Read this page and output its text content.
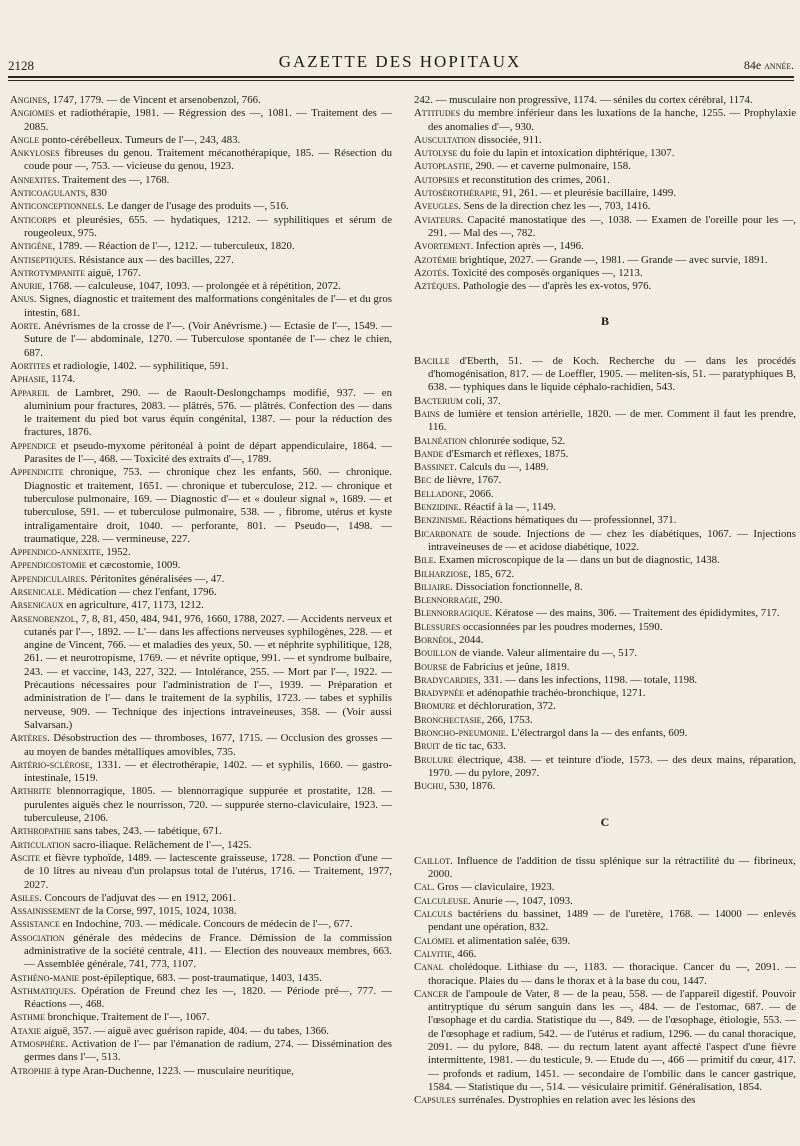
2128	GAZETTE DES HOPITAUX	84e année.

Angines, 1747, 1779. — de Vincent et arsenobenzol, 766.

Angiomes et radiothérapie, 1981. — Régression des —, 1081. — Traitement des — 2085.

Angle ponto-cérébelleux. Tumeurs de l'—, 243, 483.

Ankyloses fibreuses du genou. Traitement mécanothérapique, 185. — Résection du coude pour —, 753. — vicieuse du genou, 1923.

Annexites. Traitement des —, 1768.

Anticoagulants, 830

Anticonceptionnels. Le danger de l'usage des produits —, 516.

Anticorps et pleurésies, 655. — hydatiques, 1212. — syphilitiques et sérum de rougeoleux, 975.

Antigène, 1789. — Réaction de l'—, 1212. — tuberculeux, 1820.

Antiseptiques. Résistance aux — des bacilles, 227.

Antrotympanite aiguë, 1767.

Anurie, 1768. — calculeuse, 1047, 1093. — prolongée et à répétition, 2072.

Anus. Signes, diagnostic et traitement des malformations congénitales de l'— et du gros intestin, 681.

Aorte. Anévrismes de la crosse de l'—. (Voir Anévrisme.) — Ectasie de l'—, 1549. — Suture de l'— abdominale, 1270. — Tuberculose spontanée de l'— chez le chien, 687.

Aortites et radiologie, 1402. — syphilitique, 591.

Aphasie, 1174.

Appareil de Lambret, 290. — de Raoult-Deslongchamps modifié, 937. — en aluminium pour fractures, 2083. — plâtrés, 576. — plâtrés. Confection des — dans le traitement du pied bot varus équin congénital, 1387. — pour la réduction des fractures, 1876.

Appendice et pseudo-myxome péritonéal à point de départ appendiculaire, 1864. — Parasites de l'—, 468. — Toxicité des extraits d'—, 1789.

Appendicite chronique, 753. — chronique chez les enfants, 560. — chronique. Diagnostic et traitement, 1651. — chronique et tuberculose, 212. — chronique et tuberculose pulmonaire, 169. — Diagnostic d'— et « douleur signal », 1689. — et tuberculose, 591. — et tuberculose pulmonaire, 538. — , fibrome, utérus et kyste intraligamentaire droit, 1040. — perforante, 801. — Pseudo—, 1498. — traumatique, 228. — vermineuse, 227.

Appendico-annexite, 1952.

Appendicostomie et cæcostomie, 1009.

Appendiculaires. Péritonites généralisées —, 47.

Arsenicale. Médication — chez l'enfant, 1796.

Arsenicaux en agriculture, 417, 1173, 1212.

Arsenobenzol, 7, 8, 81, 450, 484, 941, 976, 1660, 1788, 2027. — Accidents nerveux et cutanés par l'—, 1892. — L'— dans les affections nerveuses syphilogènes, 228. — et angine de Vincent, 766. — et maladies des yeux, 50. — et néphrite syphilitique, 128, 261. — et neurotropisme, 1769. — et névrite optique, 991. — et syndrome bulbaire, 243. — et vaccine, 143, 227, 322. — Intolérance, 255. — Mort par l'—, 1922. — Précautions nécessaires pour l'administration de l'—, 1939. — Préparation et administration de l'— dans le traitement de la syphilis, 1723. — tabes et syphilis nerveuse, 909. — Technique des injections intraveineuses, 358. — (Voir aussi Salvarsan.)

Artères. Désobstruction des — thromboses, 1677, 1715. — Occlusion des grosses — au moyen de bandes métalliques amovibles, 735.

Artério-sclérose, 1331. — et électrothérapie, 1402. — et syphilis, 1660. — gastro-intestinale, 1519.

Arthrite blennorragique, 1805. — blennorragique suppurée et prostatite, 128. — purulentes aiguës chez le nourrisson, 720. — suppurée sterno-claviculaire, 1923. — tuberculeuse, 2106.

Arthropathie sans tabes, 243. — tabétique, 671.

Articulation sacro-iliaque. Relâchement de l'—, 1425.

Ascite et fièvre typhoïde, 1489. — lactescente graisseuse, 1728. — Ponction d'une — de 10 litres au niveau d'un prolapsus total de l'utérus, 1716. — Traitement, 1977, 2027.

Asiles. Concours de l'adjuvat des — en 1912, 2061.

Assainissement de la Corse, 997, 1015, 1024, 1038.

Assistance en Indochine, 703. — médicale. Concours de médecin de l'—, 677.

Association générale des médecins de France. Démission de la commission administrative de la société centrale, 411. — Election des nouveaux membres, 663. — Assemblée générale, 741, 773, 1107.

Asthéno-manie post-épileptique, 683. — post-traumatique, 1403, 1435.

Asthmatiques. Opération de Freund chez les —, 1820. — Période pré—, 777. — Réactions —, 468.

Asthme bronchique. Traitement de l'—, 1067.

Ataxie aiguë, 357. — aiguë avec guérison rapide, 404. — du tabes, 1366.

Atmosphère. Activation de l'— par l'émanation de radium, 274. — Dissémination des germes dans l'—, 513.

Atrophie à type Aran-Duchenne, 1223. — musculaire neuritique,

242. — musculaire non progressive, 1174. — séniles du cortex cérébral, 1174.

Attitudes du membre inférieur dans les luxations de la hanche, 1255. — Prophylaxie des anomalies d'—, 930.

Auscultation dissociée, 911.

Autolyse du foie du lapin et intoxication diphtérique, 1307.

Autoplastie, 290. — et caverne pulmonaire, 158.

Autopsies et reconstitution des crimes, 2061.

Autosérothérapie, 91, 261. — et pleurésie bacillaire, 1499.

Aveugles. Sens de la direction chez les —, 703, 1416.

Aviateurs. Capacité manostatique des —, 1038. — Examen de l'oreille pour les —, 291. — Mal des —, 782.

Avortement. Infection après —, 1496.

Azotémie brightique, 2027. — Grande —, 1981. — Grande — avec survie, 1891.

Azotés. Toxicité des composés organiques —, 1213.

Aztèques. Pathologie des — d'après les ex-votos, 976.

B

Bacille d'Eberth, 51. — de Koch. Recherche du — dans les procédés d'homogénisation, 817. — de Loeffler, 1905. — meliten-sis, 51. — paratyphiques B, 638. — typhiques dans le liquide céphalo-rachidien, 543.

Bacterium coli, 37.

Bains de lumière et tension artérielle, 1820. — de mer. Comment il faut les prendre, 116.

Balnéation chlorurée sodique, 52.

Bande d'Esmarch et réflexes, 1875.

Bassinet. Calculs du —, 1489.

Bec de lièvre, 1767.

Belladone, 2066.

Benzidine. Réactif à la —, 1149.

Benzinisme. Réactions hématiques du — professionnel, 371.

Bicarbonate de soude. Injections de — chez les diabétiques, 1067. — Injections intraveineuses de — et acidose diabétique, 1022.

Bile. Examen microscopique de la — dans un but de diagnostic, 1438.

Bilharziose, 185, 672.

Biliaire. Dissociation fonctionnelle, 8.

Blennorragie, 290.

Blennorragique. Kératose — des mains, 306. — Traitement des épididymites, 717.

Blessures occasionnées par les poudres modernes, 1590.

Bornéol, 2044.

Bouillon de viande. Valeur alimentaire du —, 517.

Bourse de Fabricius et jeûne, 1819.

Bradycardies, 331. — dans les infections, 1198. — totale, 1198.

Bradypnée et adénopathie trachéo-bronchique, 1271.

Bromure et déchloruration, 372.

Bronchectasie, 266, 1753.

Broncho-pneumonie. L'électrargol dans la — des enfants, 609.

Bruit de tic tac, 633.

Brulure électrique, 438. — et teinture d'iode, 1573. — des deux mains, réparation, 1970. — du pylore, 2097.

Buchu, 530, 1876.

C

Caillot. Influence de l'addition de tissu splénique sur la rétractilité du — fibrineux, 2000.

Cal. Gros — claviculaire, 1923.

Calculeuse. Anurie —, 1047, 1093.

Calculs bactériens du bassinet, 1489 — de l'uretère, 1768. — 14000 — enlevés pendant une opération, 832.

Calomel et alimentation salée, 639.

Calvitie, 466.

Canal cholédoque. Lithiase du —, 1183. — thoracique. Cancer du —, 2091. — thoracique. Plaies du — dans le thorax et à la base du cou, 1447.

Cancer de l'ampoule de Vater, 8 — de la peau, 558. — de l'appareil digestif. Pouvoir antitryptique du sérum sanguin dans les —, 484. — de l'estomac, 687. — de l'œsophage et du cardia. Statistique du —, 849. — de l'œsophage, étiologie, 553. — de l'œsophage et radium, 542. — de l'utérus et radium, 1296. — du canal thoracique, 2091. — du pylore, 848. — du rectum latent ayant affecté l'aspect d'une fièvre intermittente, 1981. — du testicule, 9. — Etude du —, 466 — primitif du cœur, 417. — profonds et radium, 1451. — secondaire de l'ombilic dans le cancer gastrique, 1584. — Statistique du —, 514. — vésiculaire primitif. Généralisation, 1854.

Capsules surrénales. Dystrophies en relation avec les lésions des
